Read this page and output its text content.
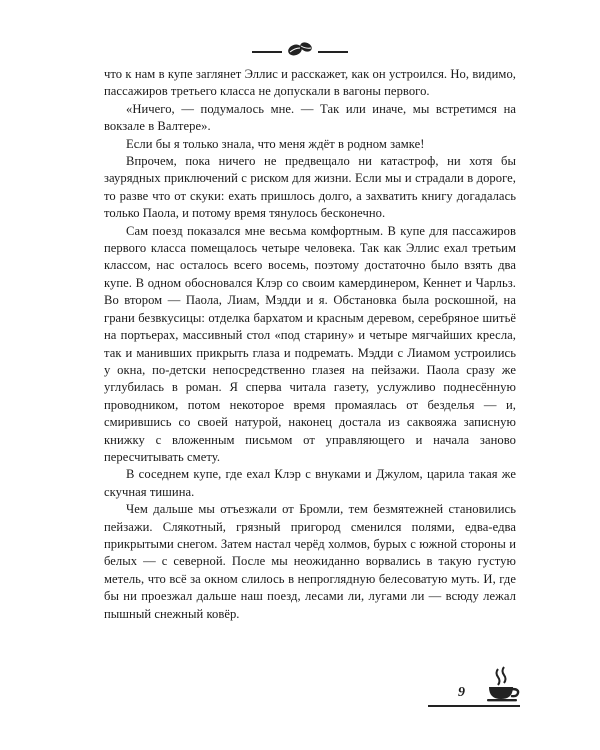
что к нам в купе заглянет Эллис и расскажет, как он устроился. Но, видимо, пассажиров третьего класса не допускали в вагоны первого.

«Ничего, — подумалось мне. — Так или иначе, мы встретимся на вокзале в Валтере».

Если бы я только знала, что меня ждёт в родном замке!

Впрочем, пока ничего не предвещало ни катастроф, ни хотя бы заурядных приключений с риском для жизни. Если мы и страдали в дороге, то разве что от скуки: ехать пришлось долго, а захватить книгу догадалась только Паола, и потому время тянулось бесконечно.

Сам поезд показался мне весьма комфортным. В купе для пассажиров первого класса помещалось четыре человека. Так как Эллис ехал третьим классом, нас осталось всего восемь, поэтому достаточно было взять два купе. В одном обосновался Клэр со своим камердинером, Кеннет и Чарльз. Во втором — Паола, Лиам, Мэдди и я. Обстановка была роскошной, на грани безвкусицы: отделка бархатом и красным деревом, серебряное шитьё на портьерах, массивный стол «под старину» и четыре мягчайших кресла, так и манивших прикрыть глаза и подремать. Мэдди с Лиамом устроились у окна, по-детски непосредственно глазея на пейзажи. Паола сразу же углубилась в роман. Я сперва читала газету, услужливо поднесённую проводником, потом некоторое время промаялась от безделья — и, смирившись со своей натурой, наконец достала из саквояжа записную книжку с вложенным письмом от управляющего и начала заново пересчитывать смету.

В соседнем купе, где ехал Клэр с внуками и Джулом, царила такая же скучная тишина.

Чем дальше мы отъезжали от Бромли, тем безмятежней становились пейзажи. Слякотный, грязный пригород сменился полями, едва-едва прикрытыми снегом. Затем настал черёд холмов, бурых с южной стороны и белых — с северной. После мы неожиданно ворвались в такую густую метель, что всё за окном слилось в непроглядную белесоватую муть. И, где бы ни проезжал дальше наш поезд, лесами ли, лугами ли — всюду лежал пышный снежный ковёр.

9
